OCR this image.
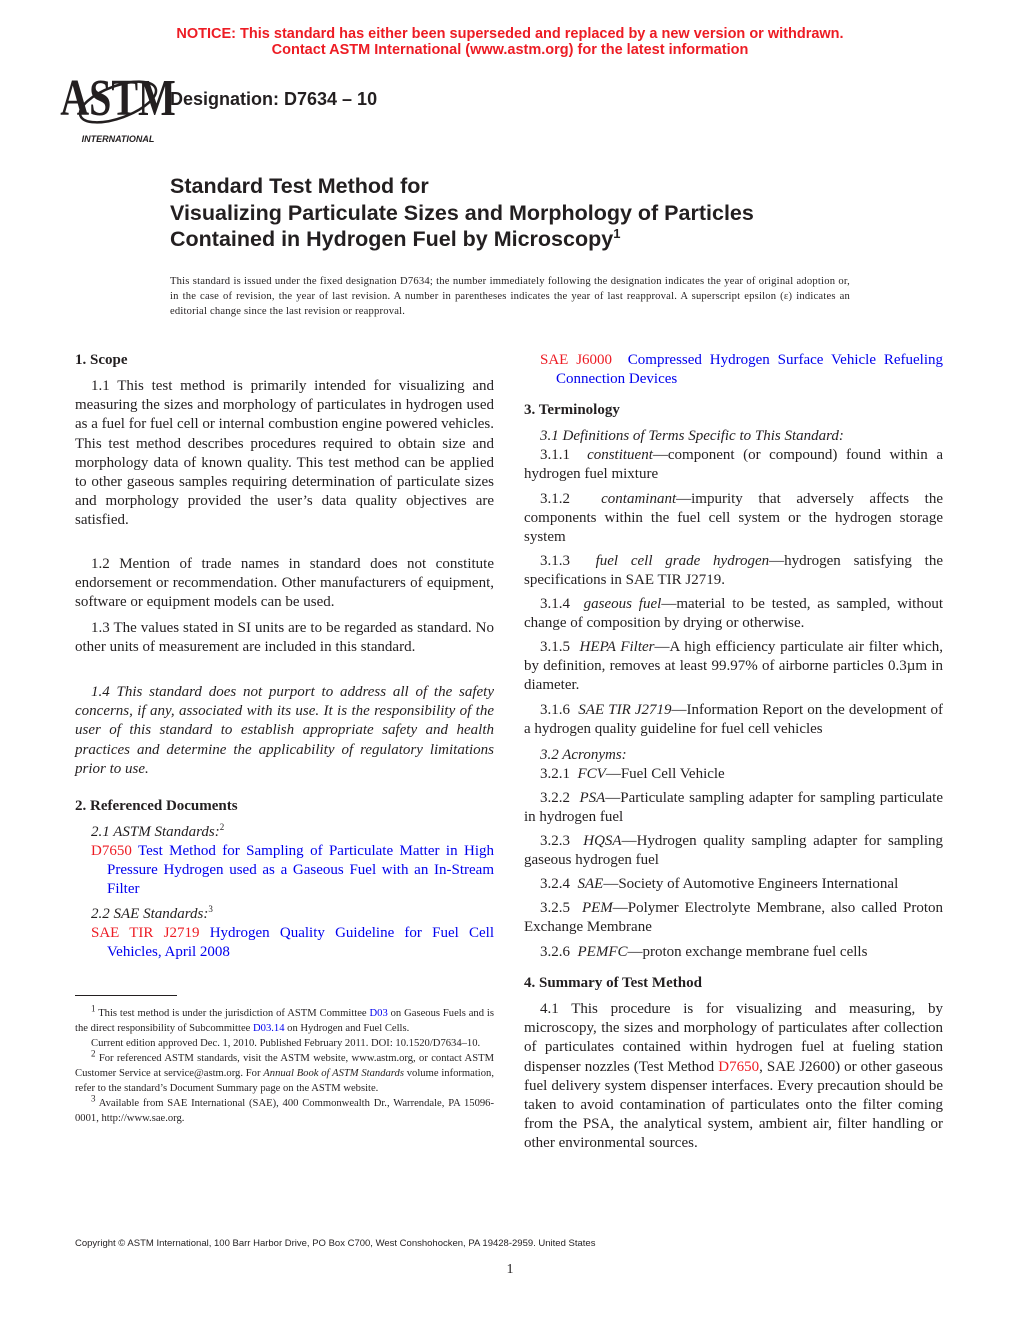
NOTICE: This standard has either been superseded and replaced by a new version or withdrawn.
Contact ASTM International (www.astm.org) for the latest information
ASTM
INTERNATIONAL
Designation: D7634 – 10
Standard Test Method for
Visualizing Particulate Sizes and Morphology of Particles
Contained in Hydrogen Fuel by Microscopy$^1$
This standard is issued under the fixed designation D7634; the number immediately following the designation indicates the year of original adoption or, in the case of revision, the year of last revision. A number in parentheses indicates the year of last reapproval. A superscript epsilon (ε) indicates an editorial change since the last revision or reapproval.
1. Scope
1.1 This test method is primarily intended for visualizing and measuring the sizes and morphology of particulates in hydrogen used as a fuel for fuel cell or internal combustion engine powered vehicles. This test method describes procedures required to obtain size and morphology data of known quality. This test method can be applied to other gaseous samples requiring determination of particulate sizes and morphology provided the user’s data quality objectives are satisfied.
1.2 Mention of trade names in standard does not constitute endorsement or recommendation. Other manufacturers of equipment, software or equipment models can be used.
1.3 The values stated in SI units are to be regarded as standard. No other units of measurement are included in this standard.
1.4 This standard does not purport to address all of the safety concerns, if any, associated with its use. It is the responsibility of the user of this standard to establish appropriate safety and health practices and determine the applicability of regulatory limitations prior to use.
2. Referenced Documents
2.1 ASTM Standards:$^2$
D7650 Test Method for Sampling of Particulate Matter in High Pressure Hydrogen used as a Gaseous Fuel with an In-Stream Filter
2.2 SAE Standards:$^3$
SAE TIR J2719 Hydrogen Quality Guideline for Fuel Cell Vehicles, April 2008
$^1$ This test method is under the jurisdiction of ASTM Committee D03 on Gaseous Fuels and is the direct responsibility of Subcommittee D03.14 on Hydrogen and Fuel Cells.
Current edition approved Dec. 1, 2010. Published February 2011. DOI: 10.1520/D7634–10.
$^2$ For referenced ASTM standards, visit the ASTM website, www.astm.org, or contact ASTM Customer Service at service@astm.org. For Annual Book of ASTM Standards volume information, refer to the standard’s Document Summary page on the ASTM website.
$^3$ Available from SAE International (SAE), 400 Commonwealth Dr., Warrendale, PA 15096-0001, http://www.sae.org.
SAE J6000 Compressed Hydrogen Surface Vehicle Refueling Connection Devices
3. Terminology
3.1 Definitions of Terms Specific to This Standard:
3.1.1 constituent—component (or compound) found within a hydrogen fuel mixture
3.1.2 contaminant—impurity that adversely affects the components within the fuel cell system or the hydrogen storage system
3.1.3 fuel cell grade hydrogen—hydrogen satisfying the specifications in SAE TIR J2719.
3.1.4 gaseous fuel—material to be tested, as sampled, without change of composition by drying or otherwise.
3.1.5 HEPA Filter—A high efficiency particulate air filter which, by definition, removes at least 99.97% of airborne particles 0.3µm in diameter.
3.1.6 SAE TIR J2719—Information Report on the development of a hydrogen quality guideline for fuel cell vehicles
3.2.1 FCV—Fuel Cell Vehicle
3.2.2 PSA—Particulate sampling adapter for sampling particulate in hydrogen fuel
3.2.3 HQSA—Hydrogen quality sampling adapter for sampling gaseous hydrogen fuel
3.2.4 SAE—Society of Automotive Engineers International
3.2.5 PEM—Polymer Electrolyte Membrane, also called Proton Exchange Membrane
3.2.6 PEMFC—proton exchange membrane fuel cells
3.2 Acronyms:
4. Summary of Test Method
4.1 This procedure is for visualizing and measuring, by microscopy, the sizes and morphology of particulates after collection of particulates contained within hydrogen fuel at fueling station dispenser nozzles (Test Method D7650, SAE J2600) or other gaseous fuel delivery system dispenser interfaces. Every precaution should be taken to avoid contamination of particulates onto the filter coming from the PSA, the analytical system, ambient air, filter handling or other environmental sources.
Copyright © ASTM International, 100 Barr Harbor Drive, PO Box C700, West Conshohocken, PA 19428-2959. United States
1
